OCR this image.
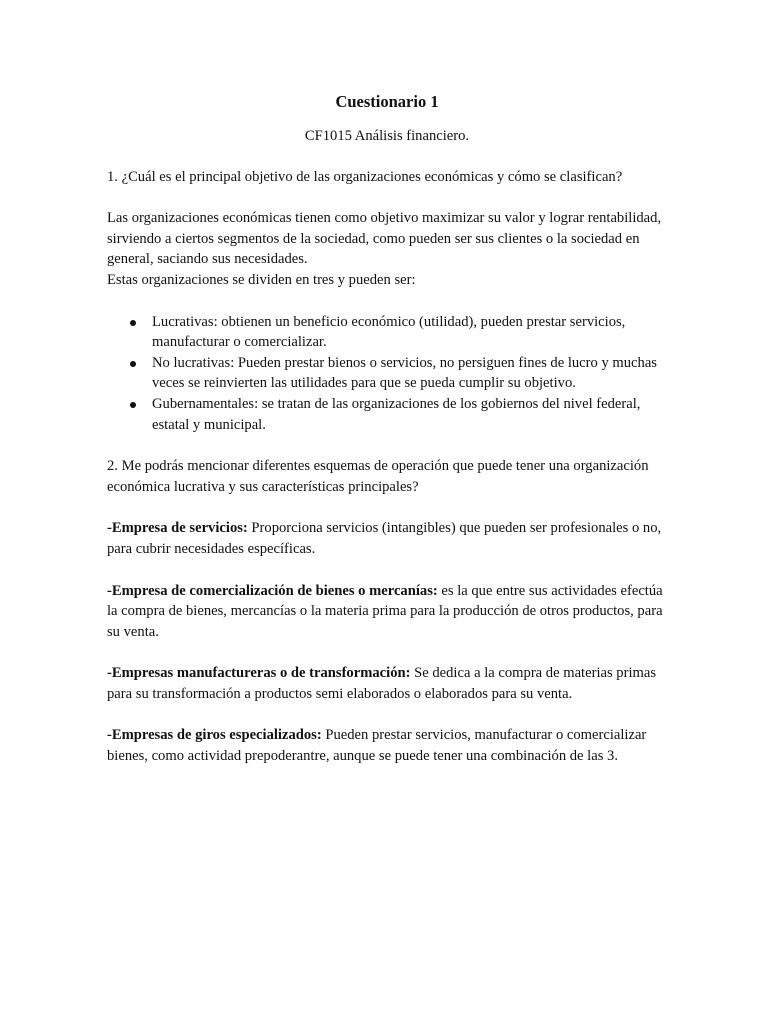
Cuestionario 1
CF1015 Análisis financiero.

1. ¿Cuál es el principal objetivo de las organizaciones económicas y cómo se clasifican?

Las organizaciones económicas tienen como objetivo maximizar su valor y lograr rentabilidad, sirviendo a ciertos segmentos de la sociedad, como pueden ser sus clientes o la sociedad en general, saciando sus necesidades.

Estas organizaciones se dividen en tres y pueden ser:

Lucrativas: obtienen un beneficio económico (utilidad), pueden prestar servicios, manufacturar o comercializar.
No lucrativas: Pueden prestar bienos o servicios, no persiguen fines de lucro y muchas veces se reinvierten las utilidades para que se pueda cumplir su objetivo.
Gubernamentales: se tratan de las organizaciones de los gobiernos del nivel federal, estatal y municipal.

2. Me podrás mencionar diferentes esquemas de operación que puede tener una organización económica lucrativa y sus características principales?

-Empresa de servicios: Proporciona servicios (intangibles) que pueden ser profesionales o no, para cubrir necesidades específicas.

-Empresa de comercialización de bienes o mercanías: es la que entre sus actividades efectúa la compra de bienes, mercancías o la materia prima para la producción de otros productos, para su venta.

-Empresas manufactureras o de transformación: Se dedica a la compra de materias primas para su transformación a productos semi elaborados o elaborados para su venta.

-Empresas de giros especializados: Pueden prestar servicios, manufacturar o comercializar bienes, como actividad prepoderantre, aunque se puede tener una combinación de las 3.
